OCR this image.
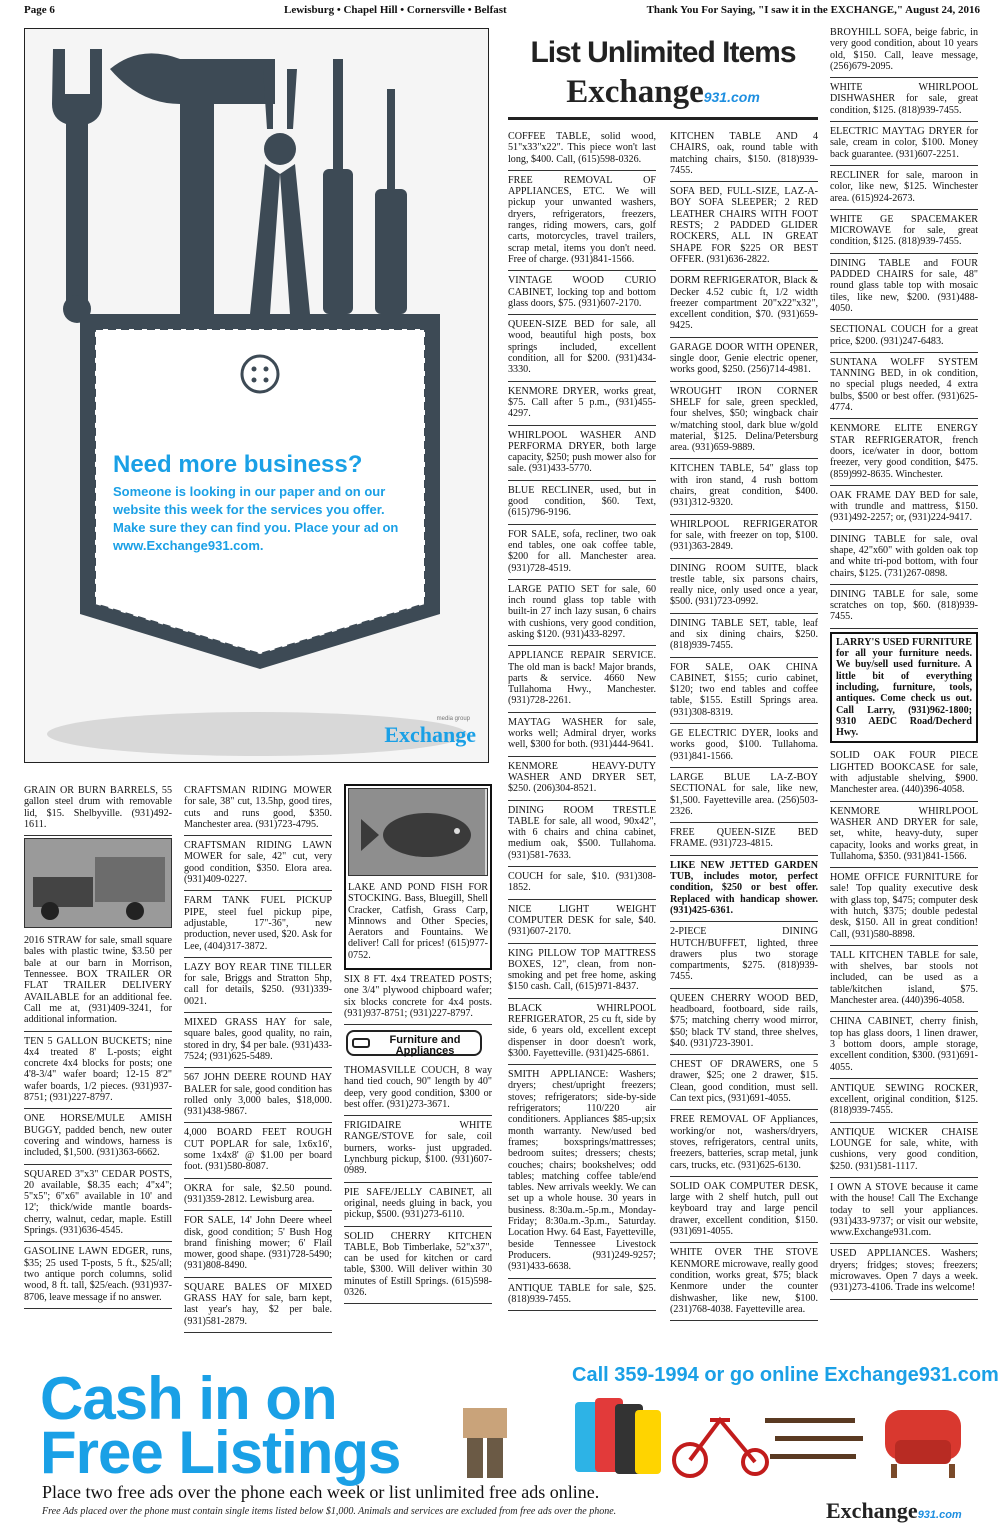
Page 6	Lewisburg • Chapel Hill • Cornersville • Belfast	Thank You For Saying, "I saw it in the EXCHANGE," August 24, 2016
Need more business?
Someone is looking in our paper and on our website this week for the services you offer. Make sure they can find you. Place your ad on www.Exchange931.com.
Exchange
media group
List Unlimited Items
Exchange931.com
GRAIN OR BURN BARRELS, 55 gallon steel drum with removable lid, $15. Shelbyville. (931)492-1611.
2016 STRAW for sale, small square bales with plastic twine, $3.50 per bale at our barn in Morrison, Tennessee. BOX TRAILER OR FLAT TRAILER DELIVERY AVAILABLE for an additional fee. Call me at, (931)409-3241, for additional information.
TEN 5 GALLON BUCKETS; nine 4x4 treated 8' L-posts; eight concrete 4x4 blocks for posts; one 4'8-3/4" wafer board; 12-15 8'2" wafer boards, 1/2 pieces. (931)937-8751; (931)227-8797.
ONE HORSE/MULE AMISH BUGGY, padded bench, new outer covering and windows, harness is included, $1,500. (931)363-6662.
SQUARED 3"x3" CEDAR POSTS, 20 available, $8.35 each; 4"x4"; 5"x5"; 6"x6" available in 10' and 12'; thick/wide mantle boards-cherry, walnut, cedar, maple. Estill Springs. (931)636-4545.
GASOLINE LAWN EDGER, runs, $35; 25 used T-posts, 5 ft., $25/all; two antique porch columns, solid wood, 8 ft. tall, $25/each. (931)937-8706, leave message if no answer.
CRAFTSMAN RIDING MOWER for sale, 38" cut, 13.5hp, good tires, cuts and runs good, $350. Manchester area. (931)723-4795.
CRAFTSMAN RIDING LAWN MOWER for sale, 42" cut, very good condition, $350. Elora area. (931)409-0227.
FARM TANK FUEL PICKUP PIPE, steel fuel pickup pipe, adjustable, 17"-36", new production, never used, $20. Ask for Lee, (404)317-3872.
LAZY BOY REAR TINE TILLER for sale, Briggs and Stratton 5hp, call for details, $250. (931)339-0021.
MIXED GRASS HAY for sale, square bales, good quality, no rain, stored in dry, $4 per bale. (931)433-7524; (931)625-5489.
567 JOHN DEERE ROUND HAY BALER for sale, good condition has rolled only 3,000 bales, $18,000. (931)438-9867.
4,000 BOARD FEET ROUGH CUT POPLAR for sale, 1x6x16', some 1x4x8' @ $1.00 per board foot. (931)580-8087.
OKRA for sale, $2.50 pound. (931)359-2812. Lewisburg area.
FOR SALE, 14' John Deere wheel disk, good condition; 5' Bush Hog brand finishing mower; 6' Flail mower, good shape. (931)728-5490; (931)808-8490.
SQUARE BALES OF MIXED GRASS HAY for sale, barn kept, last year's hay, $2 per bale. (931)581-2879.
LAKE AND POND FISH FOR STOCKING. Bass, Bluegill, Shell Cracker, Catfish, Grass Carp, Minnows and Other Species, Aerators and Fountains. We deliver! Call for prices! (615)977-0752.
SIX 8 FT. 4x4 TREATED POSTS; one 3/4" plywood chipboard wafer; six blocks concrete for 4x4 posts. (931)937-8751; (931)227-8797.
Furniture and Appliances
THOMASVILLE COUCH, 8 way hand tied couch, 90" length by 40" deep, very good condition, $300 or best offer. (931)273-3671.
FRIGIDAIRE WHITE RANGE/STOVE for sale, coil burners, works- just upgraded. Lynchburg pickup, $100. (931)607-0989.
PIE SAFE/JELLY CABINET, all original, needs gluing in back, you pickup, $500. (931)273-6110.
SOLID CHERRY KITCHEN TABLE, Bob Timberlake, 52"x37", can be used for kitchen or card table, $300. Will deliver within 30 minutes of Estill Springs. (615)598-0326.
COFFEE TABLE, solid wood, 51"x33"x22". This piece won't last long, $400. Call, (615)598-0326.
FREE REMOVAL OF APPLIANCES, ETC. We will pickup your unwanted washers, dryers, refrigerators, freezers, ranges, riding mowers, cars, golf carts, motorcycles, travel trailers, scrap metal, items you don't need. Free of charge. (931)841-1566.
VINTAGE WOOD CURIO CABINET, locking top and bottom glass doors, $75. (931)607-2170.
QUEEN-SIZE BED for sale, all wood, beautiful high posts, box springs included, excellent condition, all for $200. (931)434-3330.
KENMORE DRYER, works great, $75. Call after 5 p.m., (931)455-4297.
WHIRLPOOL WASHER AND PERFORMA DRYER, both large capacity, $250; push mower also for sale. (931)433-5770.
BLUE RECLINER, used, but in good condition, $60. Text, (615)796-9196.
FOR SALE, sofa, recliner, two oak end tables, one oak coffee table, $200 for all. Manchester area. (931)728-4519.
LARGE PATIO SET for sale, 60 inch round glass top table with built-in 27 inch lazy susan, 6 chairs with cushions, very good condition, asking $120. (931)433-8297.
APPLIANCE REPAIR SERVICE. The old man is back! Major brands, parts & service. 4660 New Tullahoma Hwy., Manchester. (931)728-2261.
MAYTAG WASHER for sale, works well; Admiral dryer, works well, $300 for both. (931)444-9641.
KENMORE HEAVY-DUTY WASHER AND DRYER SET, $250. (206)304-8521.
DINING ROOM TRESTLE TABLE for sale, all wood, 90x42", with 6 chairs and china cabinet, medium oak, $500. Tullahoma. (931)581-7633.
COUCH for sale, $10. (931)308-1852.
NICE LIGHT WEIGHT COMPUTER DESK for sale, $40. (931)607-2170.
KING PILLOW TOP MATTRESS BOXES, 12", clean, from non-smoking and pet free home, asking $150 cash. Call, (615)971-8437.
BLACK WHIRLPOOL REFRIGERATOR, 25 cu ft, side by side, 6 years old, excellent except dispenser in door doesn't work, $300. Fayetteville. (931)425-6861.
SMITH APPLIANCE: Washers; dryers; chest/upright freezers; stoves; refrigerators; side-by-side refrigerators; 110/220 air conditioners. Appliances $85-up;six month warranty. New/used bed frames; boxsprings/mattresses; bedroom suites; dressers; chests; couches; chairs; bookshelves; odd tables; matching coffee table/end tables. New arrivals weekly. We can set up a whole house. 30 years in business. 8:30a.m.-5p.m., Monday-Friday; 8:30a.m.-3p.m., Saturday. Location Hwy. 64 East, Fayetteville, beside Tennessee Livestock Producers. (931)249-9257; (931)433-6638.
ANTIQUE TABLE for sale, $25. (818)939-7455.
KITCHEN TABLE AND 4 CHAIRS, oak, round table with matching chairs, $150. (818)939-7455.
SOFA BED, FULL-SIZE, LAZ-A-BOY SOFA SLEEPER; 2 RED LEATHER CHAIRS WITH FOOT RESTS; 2 PADDED GLIDER ROCKERS, ALL IN GREAT SHAPE FOR $225 OR BEST OFFER. (931)636-2822.
DORM REFRIGERATOR, Black & Decker 4.52 cubic ft, 1/2 width freezer compartment 20"x22"x32", excellent condition, $70. (931)659-9425.
GARAGE DOOR WITH OPENER, single door, Genie electric opener, works good, $250. (256)714-4981.
WROUGHT IRON CORNER SHELF for sale, green speckled, four shelves, $50; wingback chair w/matching stool, dark blue w/gold material, $125. Delina/Petersburg area. (931)659-9889.
KITCHEN TABLE, 54" glass top with iron stand, 4 rush bottom chairs, great condition, $400. (931)312-9320.
WHIRLPOOL REFRIGERATOR for sale, with freezer on top, $100. (931)363-2849.
DINING ROOM SUITE, black trestle table, six parsons chairs, really nice, only used once a year, $500. (931)723-0992.
DINING TABLE SET, table, leaf and six dining chairs, $250. (818)939-7455.
FOR SALE, OAK CHINA CABINET, $155; curio cabinet, $120; two end tables and coffee table, $155. Estill Springs area. (931)308-8319.
GE ELECTRIC DYER, looks and works good, $100. Tullahoma. (931)841-1566.
LARGE BLUE LA-Z-BOY SECTIONAL for sale, like new, $1,500. Fayetteville area. (256)503-2326.
FREE QUEEN-SIZE BED FRAME. (931)723-4815.
LIKE NEW JETTED GARDEN TUB, includes motor, perfect condition, $250 or best offer. Replaced with handicap shower. (931)425-6361.
2-PIECE DINING HUTCH/BUFFET, lighted, three drawers plus two storage compartments, $275. (818)939-7455.
QUEEN CHERRY WOOD BED, headboard, footboard, side rails, $75; matching cherry wood mirror, $50; black TV stand, three shelves, $40. (931)723-3901.
CHEST OF DRAWERS, one 5 drawer, $25; one 2 drawer, $15. Clean, good condition, must sell. Can text pics, (931)691-4055.
FREE REMOVAL OF Appliances, working/or not, washers/dryers, stoves, refrigerators, central units, freezers, batteries, scrap metal, junk cars, trucks, etc. (931)625-6130.
SOLID OAK COMPUTER DESK, large with 2 shelf hutch, pull out keyboard tray and large pencil drawer, excellent condition, $150. (931)691-4055.
WHITE OVER THE STOVE KENMORE microwave, really good condition, works great, $75; black Kenmore under the counter dishwasher, like new, $100. (231)768-4038. Fayetteville area.
BROYHILL SOFA, beige fabric, in very good condition, about 10 years old, $150. Call, leave message, (256)679-2095.
WHITE WHIRLPOOL DISHWASHER for sale, great condition, $125. (818)939-7455.
ELECTRIC MAYTAG DRYER for sale, cream in color, $100. Money back guarantee. (931)607-2251.
RECLINER for sale, maroon in color, like new, $125. Winchester area. (615)924-2673.
WHITE GE SPACEMAKER MICROWAVE for sale, great condition, $125. (818)939-7455.
DINING TABLE and FOUR PADDED CHAIRS for sale, 48" round glass table top with mosaic tiles, like new, $200. (931)488-4050.
SECTIONAL COUCH for a great price, $200. (931)247-6483.
SUNTANA WOLFF SYSTEM TANNING BED, in ok condition, no special plugs needed, 4 extra bulbs, $500 or best offer. (931)625-4774.
KENMORE ELITE ENERGY STAR REFRIGERATOR, french doors, ice/water in door, bottom freezer, very good condition, $475. (859)992-8635. Winchester.
OAK FRAME DAY BED for sale, with trundle and mattress, $150. (931)492-2257; or, (931)224-9417.
DINING TABLE for sale, oval shape, 42"x60" with golden oak top and white tri-pod bottom, with four chairs, $125. (731)267-0898.
DINING TABLE for sale, some scratches on top, $60. (818)939-7455.
LARRY'S USED FURNITURE for all your furniture needs. We buy/sell used furniture. A little bit of everything including, furniture, tools, antiques. Come check us out. Call Larry, (931)962-1800; 9310 AEDC Road/Decherd Hwy.
SOLID OAK FOUR PIECE LIGHTED BOOKCASE for sale, with adjustable shelving, $900. Manchester area. (440)396-4058.
KENMORE WHIRLPOOL WASHER AND DRYER for sale, set, white, heavy-duty, super capacity, looks and works great, in Tullahoma, $350. (931)841-1566.
HOME OFFICE FURNITURE for sale! Top quality executive desk with glass top, $475; computer desk with hutch, $375; double pedestal desk, $150. All in great condition! Call, (931)580-8898.
TALL KITCHEN TABLE for sale, with shelves, bar stools not included, can be used as a table/kitchen island, $75. Manchester area. (440)396-4058.
CHINA CABINET, cherry finish, top has glass doors, 1 linen drawer, 3 bottom doors, ample storage, excellent condition, $300. (931)691-4055.
ANTIQUE SEWING ROCKER, excellent, original condition, $125. (818)939-7455.
ANTIQUE WICKER CHAISE LOUNGE for sale, white, with cushions, very good condition, $250. (931)581-1117.
I OWN A STOVE because it came with the house! Call The Exchange today to sell your appliances. (931)433-9737; or visit our website, www.Exchange931.com.
USED APPLIANCES. Washers; dryers; fridges; stoves; freezers; microwaves. Open 7 days a week. (931)273-4106. Trade ins welcome!
Call 359-1994 or go online Exchange931.com
Cash in on
Free Listings
Place two free ads over the phone each week or list unlimited free ads online.
Free Ads placed over the phone must contain single items listed below $1,000. Animals and services are excluded from free ads over the phone.	Exchange931.com
